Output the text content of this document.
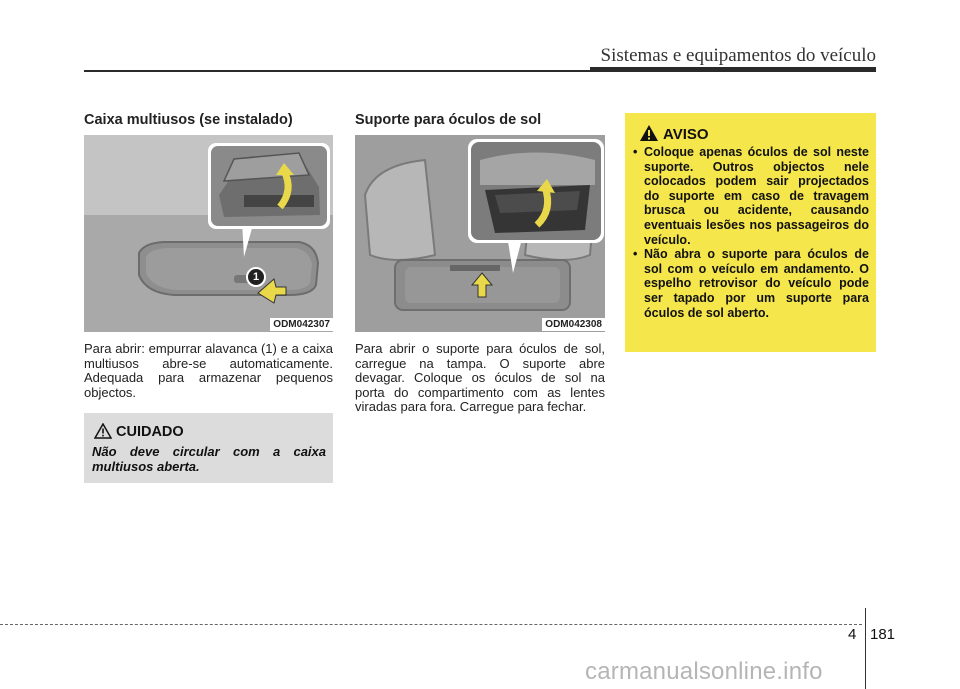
Sistemas e equipamentos do veículo
Caixa multiusos (se instalado)
1
ODM042307
Para abrir: empurrar alavanca (1) e a caixa multiusos abre-se automaticamente. Adequada para armazenar pequenos objectos.
CUIDADO
Não deve circular com a caixa multiusos aberta.
Suporte para óculos de sol
ODM042308
Para abrir o suporte para óculos de sol, carregue na tampa. O suporte abre devagar. Coloque os óculos de sol na porta do compartimento com as lentes viradas para fora. Carregue para fechar.
AVISO
• Coloque apenas óculos de sol neste suporte. Outros objectos nele colocados podem sair projectados do suporte em caso de travagem brusca ou acidente, causando eventuais lesões nos passageiros do veículo.
• Não abra o suporte para óculos de sol com o veículo em andamento. O espelho retrovisor do veículo pode ser tapado por um suporte para óculos de sol aberto.
4 181
carmanualsonline.info
